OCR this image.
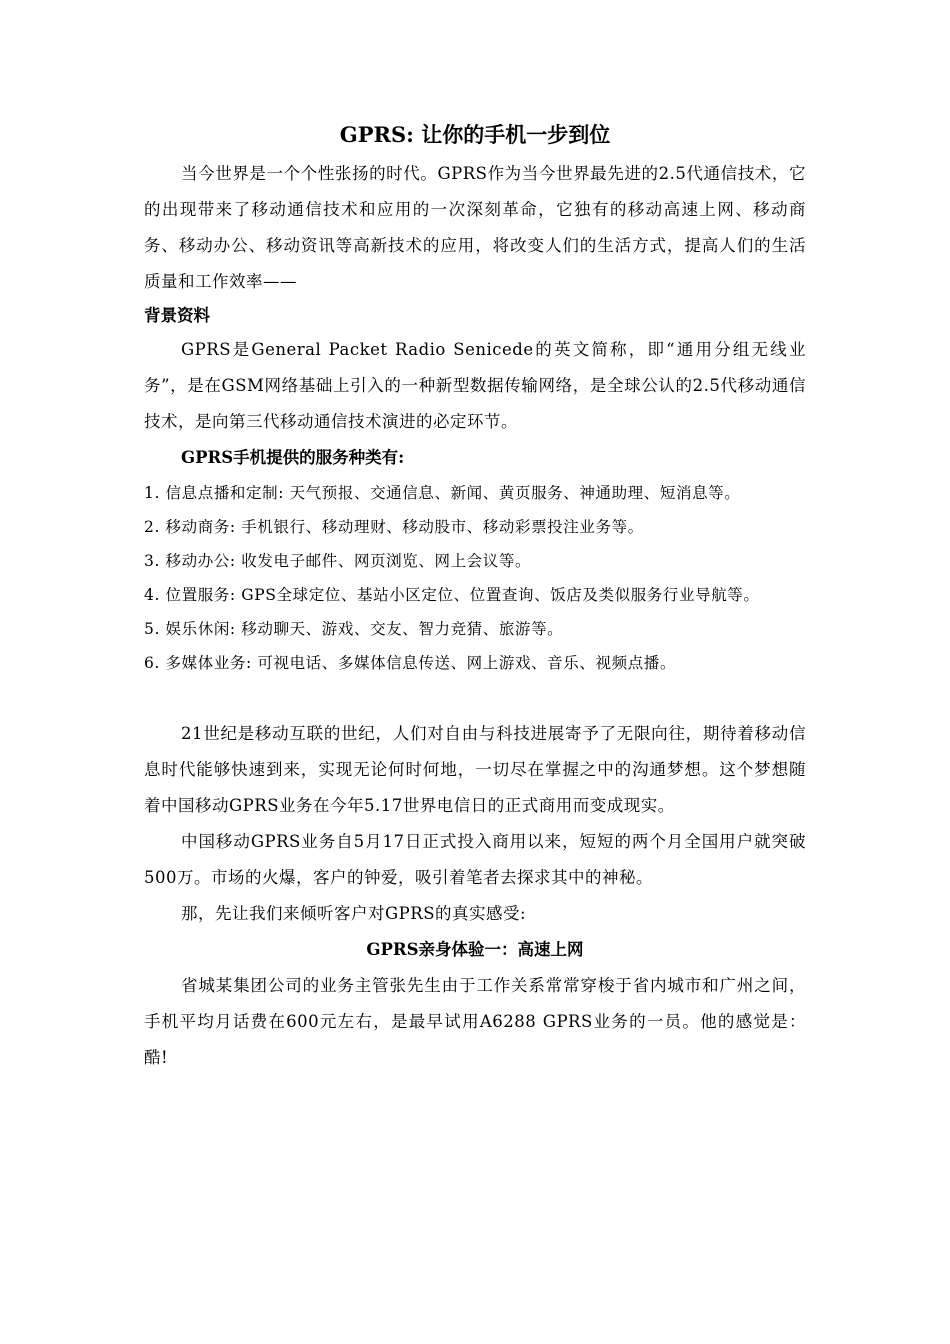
GPRS: 让你的手机一步到位

当今世界是一个个性张扬的时代。GPRS作为当今世界最先进的2.5代通信技术，它的出现带来了移动通信技术和应用的一次深刻革命，它独有的移动高速上网、移动商务、移动办公、移动资讯等高新技术的应用，将改变人们的生活方式，提高人们的生活质量和工作效率——

背景资料

GPRS是General Packet Radio Senicede的英文简称，即“通用分组无线业务”，是在GSM网络基础上引入的一种新型数据传输网络，是全球公认的2.5代移动通信技术，是向第三代移动通信技术演进的必定环节。

GPRS手机提供的服务种类有:

1. 信息点播和定制: 天气预报、交通信息、新闻、黄页服务、神通助理、短消息等。

2. 移动商务: 手机银行、移动理财、移动股市、移动彩票投注业务等。

3. 移动办公: 收发电子邮件、网页浏览、网上会议等。

4. 位置服务: GPS全球定位、基站小区定位、位置查询、饭店及类似服务行业导航等。

5. 娱乐休闲: 移动聊天、游戏、交友、智力竞猜、旅游等。

6. 多媒体业务: 可视电话、多媒体信息传送、网上游戏、音乐、视频点播。

21世纪是移动互联的世纪，人们对自由与科技进展寄予了无限向往，期待着移动信息时代能够快速到来，实现无论何时何地，一切尽在掌握之中的沟通梦想。这个梦想随着中国移动GPRS业务在今年5.17世界电信日的正式商用而变成现实。

中国移动GPRS业务自5月17日正式投入商用以来，短短的两个月全国用户就突破500万。市场的火爆，客户的钟爱，吸引着笔者去探求其中的神秘。

那，先让我们来倾听客户对GPRS的真实感受:

GPRS亲身体验一：高速上网

省城某集团公司的业务主管张先生由于工作关系常常穿梭于省内城市和广州之间，手机平均月话费在600元左右，是最早试用A6288 GPRS业务的一员。他的感觉是：酷!
